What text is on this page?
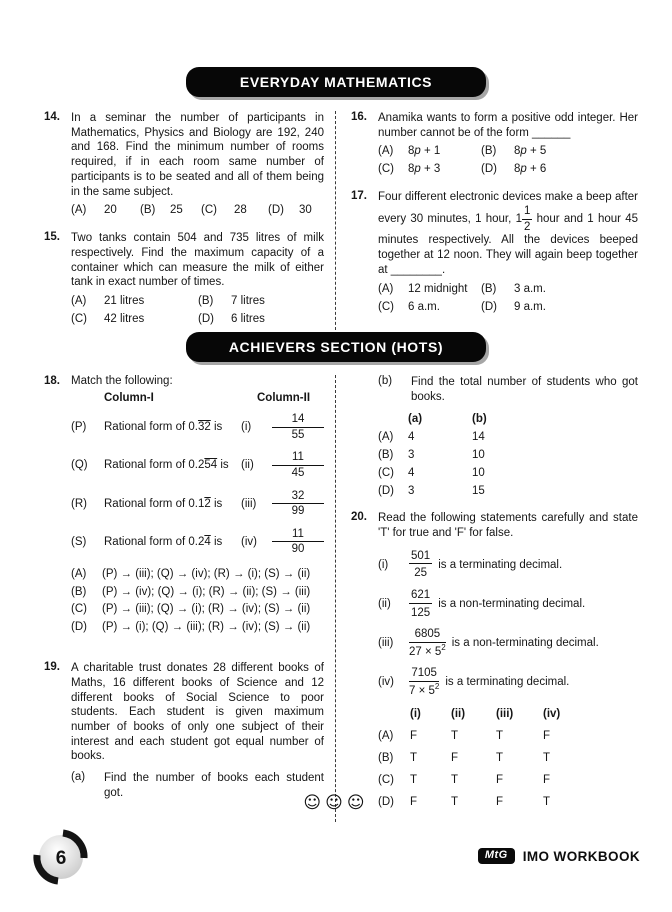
EVERYDAY MATHEMATICS
14. In a seminar the number of participants in Mathematics, Physics and Biology are 192, 240 and 168. Find the minimum number of rooms required, if in each room same number of participants is to be seated and all of them being in the same subject.
(A)	20	(B)	25	(C)	28	(D)	30
15. Two tanks contain 504 and 735 litres of milk respectively. Find the maximum capacity of a container which can measure the milk of either tank in exact number of times.
(A)	21 litres	(B)	7 litres
(C)	42 litres	(D)	6 litres
16. Anamika wants to form a positive odd integer. Her number cannot be of the form ______
(A)	8p + 1	(B)	8p + 5
(C)	8p + 3	(D)	8p + 6
17. Four different electronic devices make a beep after every 30 minutes, 1 hour, $1 \frac{1}{2}$ hour and 1 hour 45 minutes respectively. All the devices beeped together at 12 noon. They will again beep together at ________.
(A)	12 midnight	(B)	3 a.m.
(C)	6 a.m.	(D)	9 a.m.
ACHIEVERS SECTION (HOTS)
18. Match the following:
Column-I	Column-II
(P)	Rational form of 0.32 is	(i)	$\frac{14}{55}$
(Q)	Rational form of 0.254 is	(ii)	$\frac{11}{45}$
(R)	Rational form of 0.12 is	(iii)	$\frac{32}{99}$
(S)	Rational form of 0.24 is	(iv)	$\frac{11}{90}$
(A)	(P) → (iii); (Q) → (iv); (R) → (i); (S) → (ii)
(B)	(P) → (iv); (Q) → (i); (R) → (ii); (S) → (iii)
(C)	(P) → (iii); (Q) → (i); (R) → (iv); (S) → (ii)
(D)	(P) → (i); (Q) → (iii); (R) → (iv); (S) → (ii)
19. A charitable trust donates 28 different books of Maths, 16 different books of Science and 12 different books of Social Science to poor students. Each student is given maximum number of books of only one subject of their interest and each student got equal number of books.
(a)	Find the number of books each student got.
(b)	Find the total number of students who got books.
(a)	(b)
(A)	4	14
(B)	3	10
(C)	4	10
(D)	3	15
20. Read the following statements carefully and state 'T' for true and 'F' for false.
(i)	$\frac{501}{25}$ is a terminating decimal.
(ii)	$\frac{621}{125}$ is a non-terminating decimal.
(iii)	$\frac{6805}{27 \times 5^2}$ is a non-terminating decimal.
(iv)	$\frac{7105}{7 \times 5^2}$ is a terminating decimal.
(i)	(ii)	(iii)	(iv)
(A)	F	T	T	F
(B)	T	F	T	T
(C)	T	T	F	F
(D)	F	T	F	T
☺☺☺
6	MtG	IMO WORKBOOK
